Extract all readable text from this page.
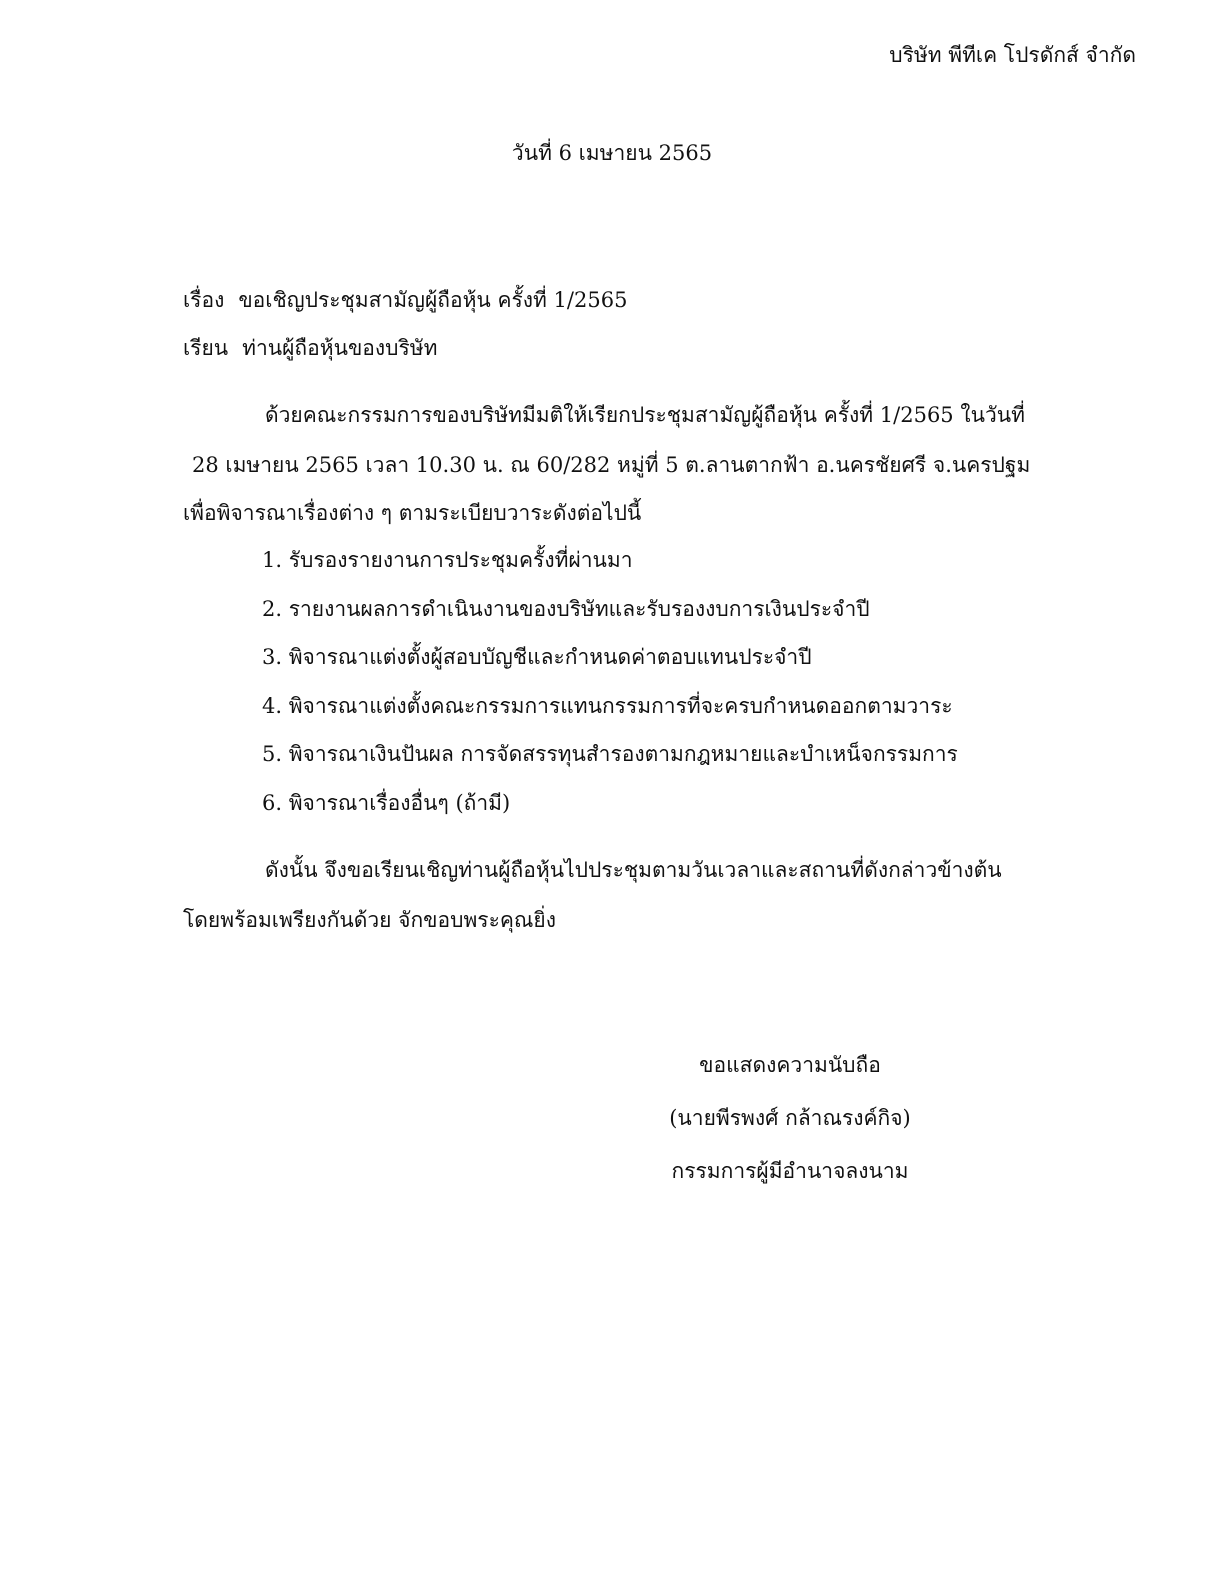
บริษัท พีทีเค โปรดักส์ จำกัด
วันที่ 6 เมษายน 2565
เรื่อง ขอเชิญประชุมสามัญผู้ถือหุ้น ครั้งที่ 1/2565
เรียน ท่านผู้ถือหุ้นของบริษัท
ด้วยคณะกรรมการของบริษัทมีมติให้เรียกประชุมสามัญผู้ถือหุ้น ครั้งที่ 1/2565 ในวันที่
28 เมษายน 2565 เวลา 10.30 น. ณ 60/282 หมู่ที่ 5 ต.ลานตากฟ้า อ.นครชัยศรี จ.นครปฐม
เพื่อพิจารณาเรื่องต่าง ๆ ตามระเบียบวาระดังต่อไปนี้
1. รับรองรายงานการประชุมครั้งที่ผ่านมา
2. รายงานผลการดำเนินงานของบริษัทและรับรองงบการเงินประจำปี
3. พิจารณาแต่งตั้งผู้สอบบัญชีและกำหนดค่าตอบแทนประจำปี
4. พิจารณาแต่งตั้งคณะกรรมการแทนกรรมการที่จะครบกำหนดออกตามวาระ
5. พิจารณาเงินปันผล การจัดสรรทุนสำรองตามกฎหมายและบำเหน็จกรรมการ
6. พิจารณาเรื่องอื่นๆ (ถ้ามี)
ดังนั้น จึงขอเรียนเชิญท่านผู้ถือหุ้นไปประชุมตามวันเวลาและสถานที่ดังกล่าวข้างต้น
โดยพร้อมเพรียงกันด้วย จักขอบพระคุณยิ่ง
ขอแสดงความนับถือ
(นายพีรพงศ์ กล้าณรงค์กิจ)
กรรมการผู้มีอำนาจลงนาม
